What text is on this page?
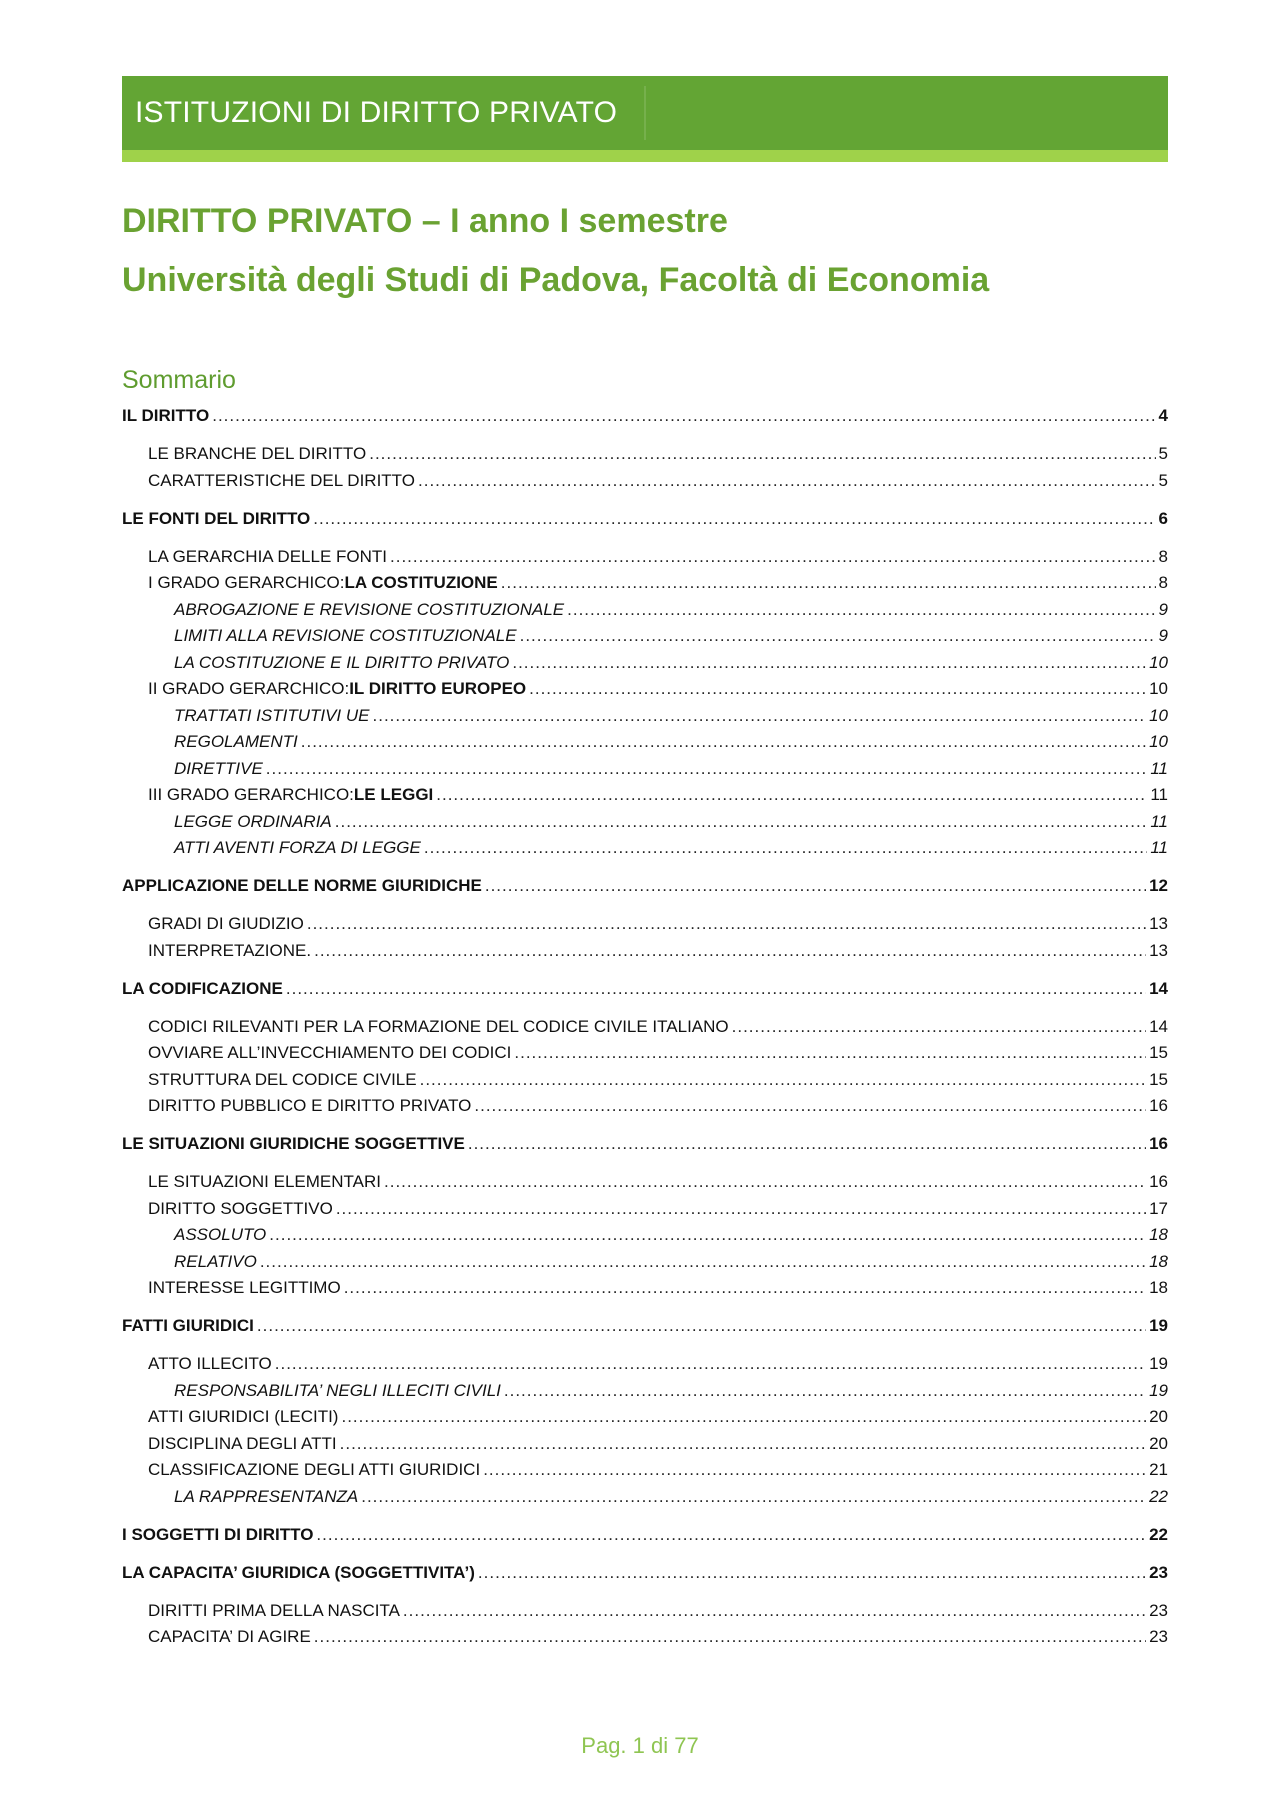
ISTITUZIONI DI DIRITTO PRIVATO
DIRITTO PRIVATO – I anno I semestre
Università degli Studi di Padova, Facoltà di Economia
Sommario
IL DIRITTO .....	4
LE BRANCHE DEL DIRITTO .....	5
CARATTERISTICHE DEL DIRITTO .....	5
LE FONTI DEL DIRITTO .....	6
LA GERARCHIA DELLE FONTI .....	8
I GRADO GERARCHICO: LA COSTITUZIONE .....	8
ABROGAZIONE E REVISIONE COSTITUZIONALE .....	9
LIMITI ALLA REVISIONE COSTITUZIONALE .....	9
LA COSTITUZIONE E IL DIRITTO PRIVATO .....	10
II GRADO GERARCHICO: IL DIRITTO EUROPEO .....	10
TRATTATI ISTITUTIVI UE .....	10
REGOLAMENTI .....	10
DIRETTIVE .....	11
III GRADO GERARCHICO: LE LEGGI .....	11
LEGGE ORDINARIA .....	11
ATTI AVENTI FORZA DI LEGGE .....	11
APPLICAZIONE DELLE NORME GIURIDICHE .....	12
GRADI DI GIUDIZIO .....	13
INTERPRETAZIONE. .....	13
LA CODIFICAZIONE .....	14
CODICI RILEVANTI PER LA FORMAZIONE DEL CODICE CIVILE ITALIANO .....	14
OVVIARE ALL’INVECCHIAMENTO DEI CODICI .....	15
STRUTTURA DEL CODICE CIVILE .....	15
DIRITTO PUBBLICO E DIRITTO PRIVATO .....	16
LE SITUAZIONI GIURIDICHE SOGGETTIVE .....	16
LE SITUAZIONI ELEMENTARI .....	16
DIRITTO SOGGETTIVO .....	17
ASSOLUTO .....	18
RELATIVO .....	18
INTERESSE LEGITTIMO .....	18
FATTI GIURIDICI .....	19
ATTO ILLECITO .....	19
RESPONSABILITA’ NEGLI ILLECITI CIVILI .....	19
ATTI GIURIDICI (LECITI) .....	20
DISCIPLINA DEGLI ATTI .....	20
CLASSIFICAZIONE DEGLI ATTI GIURIDICI .....	21
LA RAPPRESENTANZA .....	22
I SOGGETTI DI DIRITTO .....	22
LA CAPACITA’ GIURIDICA (SOGGETTIVITA’) .....	23
DIRITTI PRIMA DELLA NASCITA .....	23
CAPACITA’ DI AGIRE .....	23
Pag. 1 di 77
